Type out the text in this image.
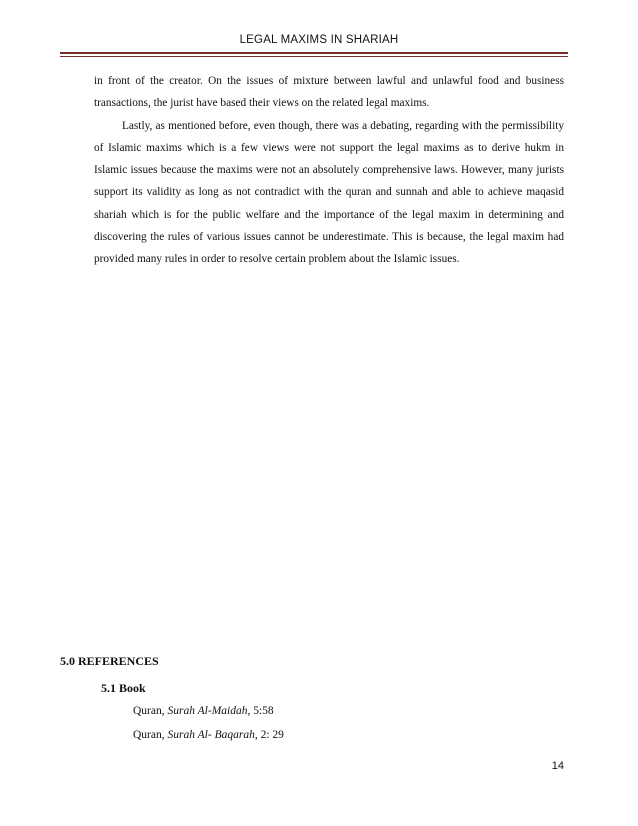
LEGAL MAXIMS IN SHARIAH

in front of the creator. On the issues of mixture between lawful and unlawful food and business transactions, the jurist have based their views on the related legal maxims.

Lastly, as mentioned before, even though, there was a debating, regarding with the permissibility of Islamic maxims which is a few views were not support the legal maxims as to derive hukm in Islamic issues because the maxims were not an absolutely comprehensive laws. However, many jurists support its validity as long as not contradict with the quran and sunnah and able to achieve maqasid shariah which is for the public welfare and the importance of the legal maxim in determining and discovering the rules of various issues cannot be underestimate. This is because, the legal maxim had provided many rules in order to resolve certain problem about the Islamic issues.

5.0 REFERENCES
5.1 Book
Quran, Surah Al-Maidah, 5:58
Quran, Surah Al- Baqarah, 2: 29
14
